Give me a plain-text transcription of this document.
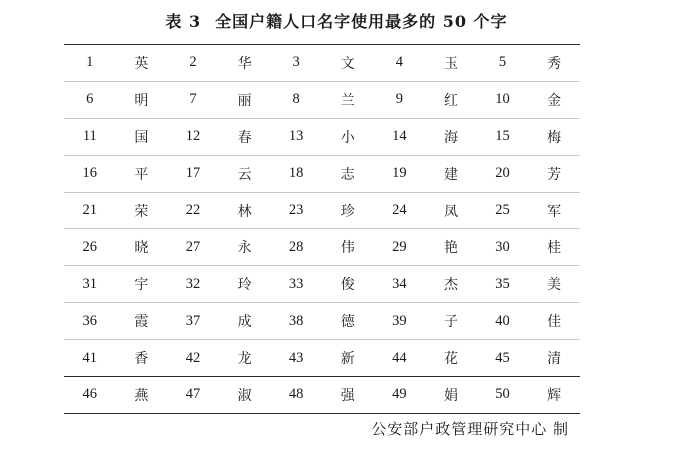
表 3 全国户籍人口名字使用最多的 50 个字
1	英	2	华	3	文	4	玉	5	秀
6	明	7	丽	8	兰	9	红	10	金
11	国	12	春	13	小	14	海	15	梅
16	平	17	云	18	志	19	建	20	芳
21	荣	22	林	23	珍	24	凤	25	军
26	晓	27	永	28	伟	29	艳	30	桂
31	宇	32	玲	33	俊	34	杰	35	美
36	霞	37	成	38	德	39	子	40	佳
41	香	42	龙	43	新	44	花	45	清
46	燕	47	淑	48	强	49	娟	50	辉
公安部户政管理研究中心 制
